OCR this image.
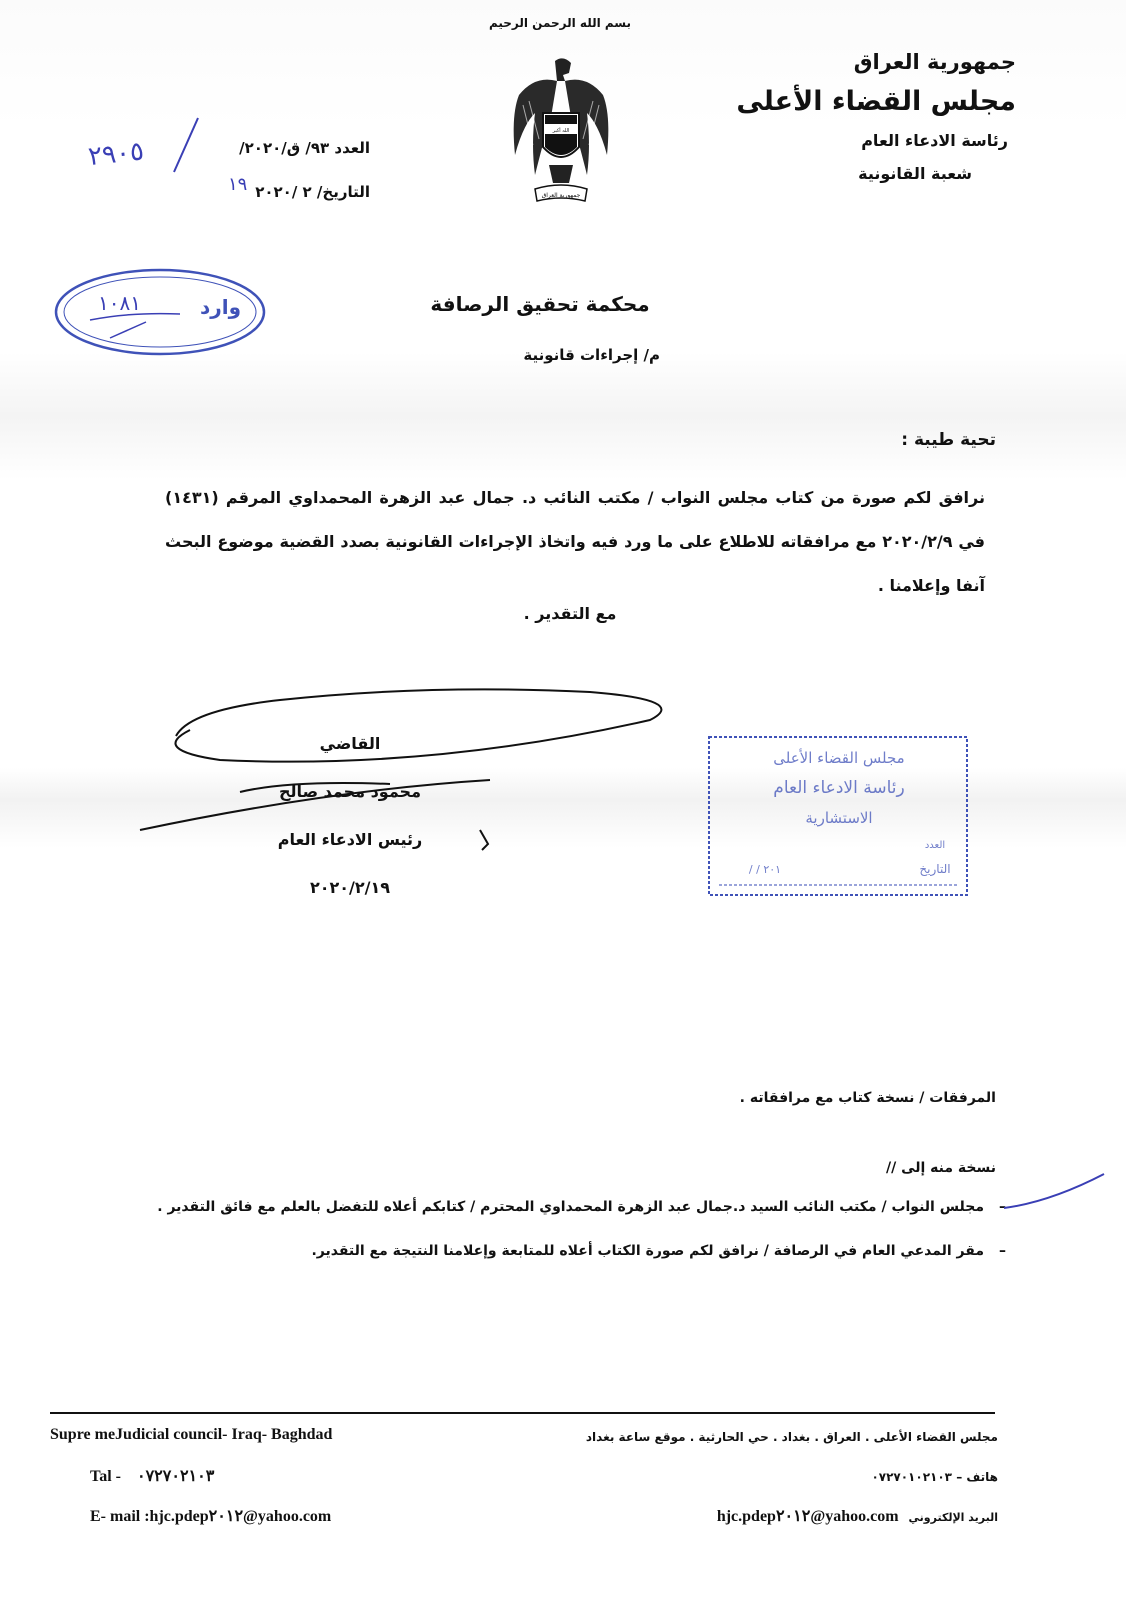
بسم الله الرحمن الرحيم
جمهورية العراق
مجلس القضاء الأعلى
رئاسة الادعاء العام
شعبة القانونية
الله أكبر
جمهورية العراق
العدد ٩٣/ ق/٢٠٢٠/
التاريخ/ ٢ /٢٠٢٠
٢٩٠٥
١٩
وارد
١٠٨١	محكمة تحقيق الرصافة
م/ إجراءات قانونية
تحية طيبة :
نرافق لكم صورة من كتاب مجلس النواب / مكتب النائب د. جمال عبد الزهرة المحمداوي المرقم (١٤٣١) في ٢٠٢٠/٢/٩ مع مرافقاته للاطلاع على ما ورد فيه واتخاذ الإجراءات القانونية بصدد القضية موضوع البحث آنفا وإعلامنا .
مع التقدير .
القاضي
محمود محمد صالح
رئيس الادعاء العام
٢٠٢٠/٢/١٩
مجلس القضاء الأعلى
رئاسة الادعاء العام
الاستشارية
العدد
التاريخ
/ / ٢٠١
المرفقات / نسخة كتاب مع مرافقاته .
نسخة منه إلى //
–
مجلس النواب / مكتب النائب السيد د.جمال عبد الزهرة المحمداوي المحترم / كتابكم أعلاه للتفضل بالعلم مع فائق التقدير .
–
مقر المدعي العام في الرصافة / نرافق لكم صورة الكتاب أعلاه للمتابعة وإعلامنا النتيجة مع التقدير.
Supre meJudicial council- Iraq- Baghdad
Tal -    ٠٧٢٧٠٢١٠٣
E- mail :hjc.pdep٢٠١٢@yahoo.com
مجلس القضاء الأعلى . العراق . بغداد . حي الحارثية . موقع ساعة بغداد
هاتف – ٠٧٢٧٠١٠٢١٠٣
hjc.pdep٢٠١٢@yahoo.com البريد الإلكتروني
